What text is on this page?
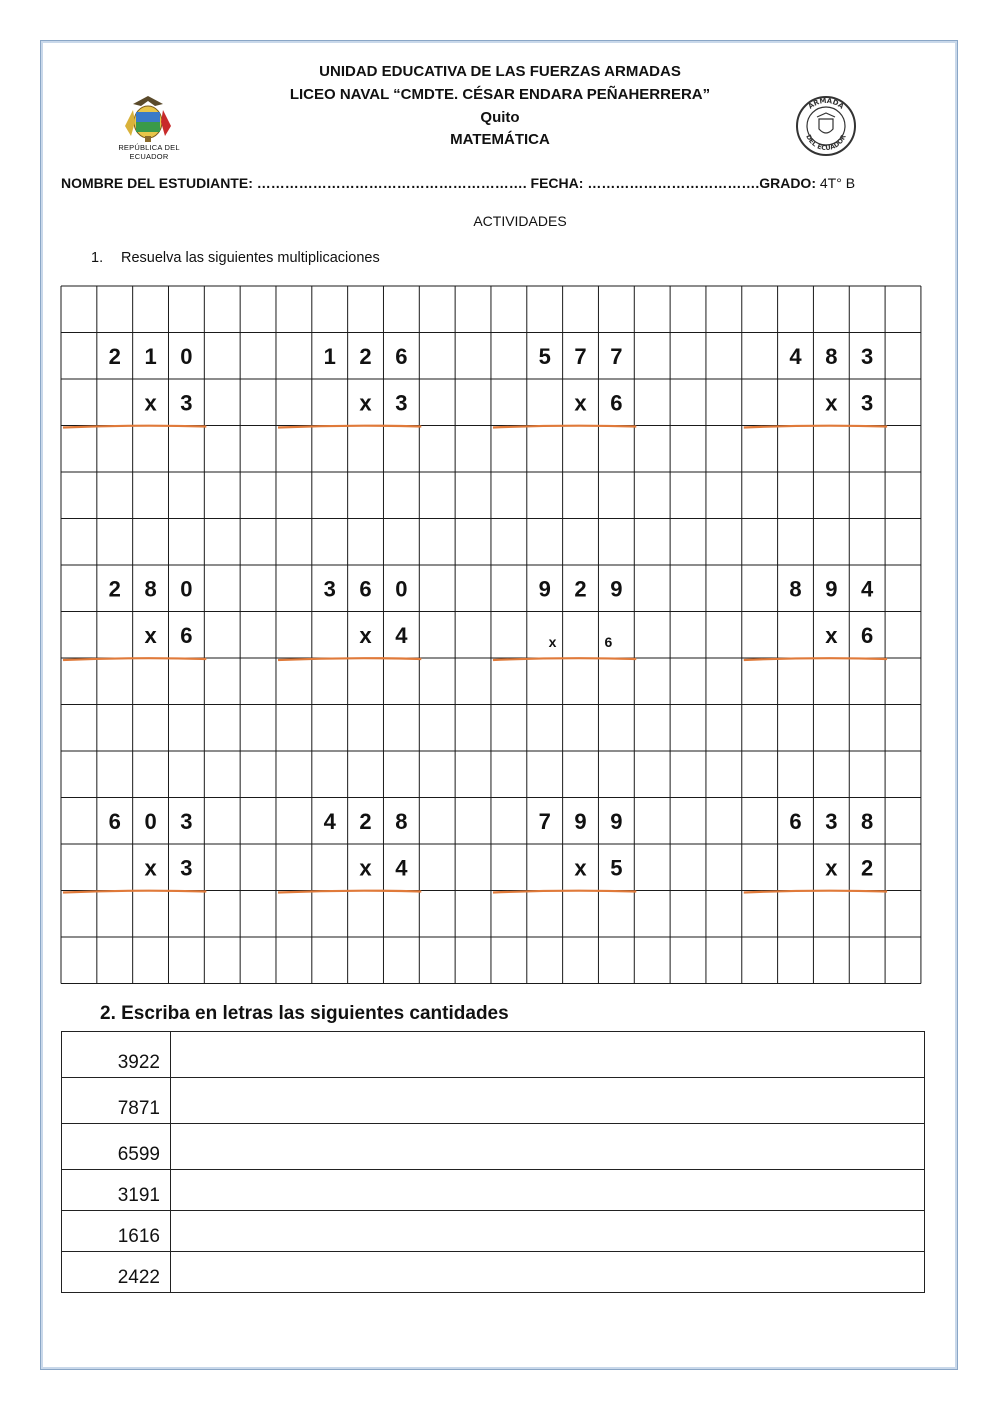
UNIDAD EDUCATIVA DE LAS FUERZAS ARMADAS
LICEO NAVAL “CMDTE. CÉSAR ENDARA PEÑAHERRERA”
Quito
MATEMÁTICA
REPÚBLICA DEL ECUADOR
ARMADA
DEL ECUADOR
NOMBRE DEL ESTUDIANTE: …………………………………………………. FECHA: ……………………………….GRADO: 4T° B
ACTIVIDADES
1. Resuelva las siguientes multiplicaciones
2 1 0
x 3
1 2 6
x 3
5 7 7
x 6
4 8 3
x 3
2 8 0
x 6
3 6 0
x 4
9 2 9
x	6
8 9 4
x 6
6 0 3
x 3
4 2 8
x 4
7 9 9
x 5
6 3 8
x 2
2. Escriba en letras las siguientes cantidades
3922	
7871	
6599	
3191	
1616	
2422	
